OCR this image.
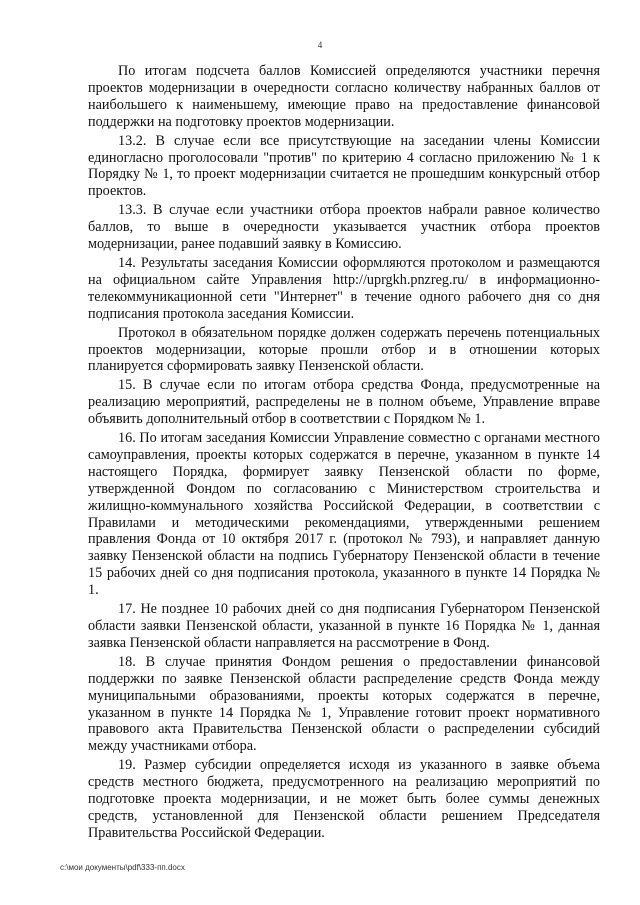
4

По итогам подсчета баллов Комиссией определяются участники перечня проектов модернизации в очередности согласно количеству набранных баллов от наибольшего к наименьшему, имеющие право на предоставление финансовой поддержки на подготовку проектов модернизации.

13.2. В случае если все присутствующие на заседании члены Комиссии единогласно проголосовали "против" по критерию 4 согласно приложению № 1 к Порядку № 1, то проект модернизации считается не прошедшим конкурсный отбор проектов.

13.3. В случае если участники отбора проектов набрали равное количество баллов, то выше в очередности указывается участник отбора проектов модернизации, ранее подавший заявку в Комиссию.

14. Результаты заседания Комиссии оформляются протоколом и размещаются на официальном сайте Управления http://uprgkh.pnzreg.ru/ в информационно-телекоммуникационной сети "Интернет" в течение одного рабочего дня со дня подписания протокола заседания Комиссии.

Протокол в обязательном порядке должен содержать перечень потенциальных проектов модернизации, которые прошли отбор и в отношении которых планируется сформировать заявку Пензенской области.

15. В случае если по итогам отбора средства Фонда, предусмотренные на реализацию мероприятий, распределены не в полном объеме, Управление вправе объявить дополнительный отбор в соответствии с Порядком № 1.

16. По итогам заседания Комиссии Управление совместно с органами местного самоуправления, проекты которых содержатся в перечне, указанном в пункте 14 настоящего Порядка, формирует заявку Пензенской области по форме, утвержденной Фондом по согласованию с Министерством строительства и жилищно-коммунального хозяйства Российской Федерации, в соответствии с Правилами и методическими рекомендациями, утвержденными решением правления Фонда от 10 октября 2017 г. (протокол № 793), и направляет данную заявку Пензенской области на подпись Губернатору Пензенской области в течение 15 рабочих дней со дня подписания протокола, указанного в пункте 14 Порядка № 1.

17. Не позднее 10 рабочих дней со дня подписания Губернатором Пензенской области заявки Пензенской области, указанной в пункте 16 Порядка № 1, данная заявка Пензенской области направляется на рассмотрение в Фонд.

18. В случае принятия Фондом решения о предоставлении финансовой поддержки по заявке Пензенской области распределение средств Фонда между муниципальными образованиями, проекты которых содержатся в перечне, указанном в пункте 14 Порядка № 1, Управление готовит проект нормативного правового акта Правительства Пензенской области о распределении субсидий между участниками отбора.

19. Размер субсидии определяется исходя из указанного в заявке объема средств местного бюджета, предусмотренного на реализацию мероприятий по подготовке проекта модернизации, и не может быть более суммы денежных средств, установленной для Пензенской области решением Председателя Правительства Российской Федерации.

c:\мои документы\pdf\333-пп.docx
